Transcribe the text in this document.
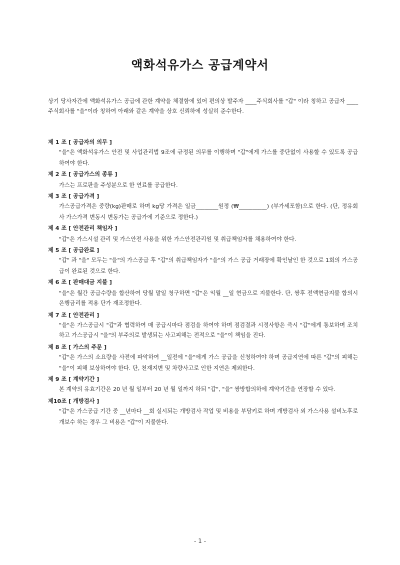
액화석유가스 공급계약서
상기 당사자간에 액화석유가스 공급에 관한 계약을 체결함에 있어 편의상 발주자 ____주식회사를 "갑" 이라 칭하고 공급자 ____주식회사를 "을"이라 칭하여 아래와 같은 계약을 상호 신뢰하에 성실히 준수한다.
제 1 조 [ 공급자의 의무 ]
"을"은 액화석유가스 안전 및 사업관리법 9조에 규정된 의무를 이행하며 "갑"에게 가스를 중단없이 사용할 수 있도록 공급하여야 한다.
제 2 조 [ 공급가스의 종류 ]
가스는 프로판을 주성분으로 한 연료를 공급한다.
제 3 조 [ 공급가격 ]
가스공급가격은 중량(kg)판매로 하며 kg당 가격은 일금________원정 (₩__________) (부가세포함)으로 한다. (단, 정유회사 가스가격 변동시 변동가는 공급가에 기준으로 정한다.)
제 4 조 [ 안전관리 책임자 ]
"갑"은 가스시설 관리 및 가스안전 사용을 위한 가스안전관리원 및 취급책임자를 채용하여야 한다.
제 5 조 [ 공급완료 ]
"갑" 과 "을" 모두는 "을"의 가스공급 후 "갑"의 취급책임자가 "을"의 가스 공급 거래장에 확인날인 한 것으로 1회의 가스공급이 완료된 것으로 한다.
제 6 조 [ 판매대금 지불 ]
"을"은 월간 공급수량을 합산하여 당월 말일 청구하면 "갑"은 익월 __일 현금으로 지불한다. 단, 쌍후 전액현금지불 합의시 은행금리를 적용 단가 재조정한다.
제 7 조 [ 안전관리 ]
"을"은 가스공급시 "갑"과 협력하여 매 공급시마다 점검을 하여야 하며 점검결과 시정사항은 즉시 "갑"에게 통보하며 조치하고 가스공급시 "을"의 부주의로 발생되는 사고피해는 전적으로 "을"이 책임을 진다.
제 8 조 [ 가스의 주문 ]
"갑"은 가스의 소요량을 사전에 파악하여 __일전에 "을"에게 가스 공급을 신청하여야 하며 공급지연에 따른 "갑"의 피해는 "을"이 피해 보상하여야 한다. 단, 천재지변 및 차량사고로 인한 지연은 제외한다.
제 9 조 [ 계약기간 ]
본 계약의 유효기간은 20 년 월 일부터 20 년 월 일까지 하되 "갑", "을" 쌍방합의하에 계약기간을 연장할 수 있다.
제10조 [ 개방검사 ]
"갑"은 가스공급 기간 중 __년마다 __회 실시되는 개방검사 작업 및 비용을 부담키로 하며 개방검사 외 가스사용 설비노후로 개보수 하는 경우 그 비용은 "갑"이 지불한다.
- 1 -
